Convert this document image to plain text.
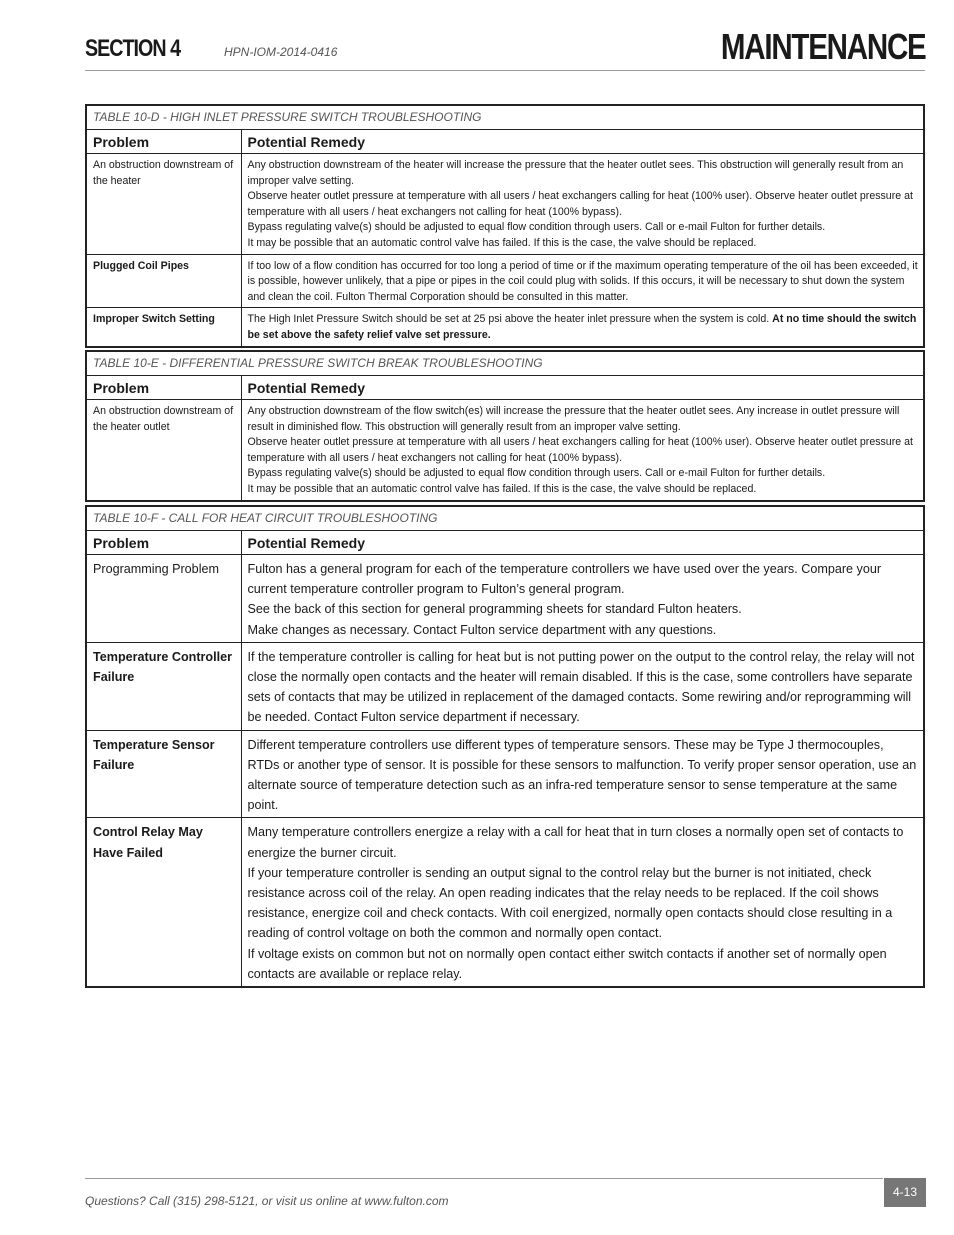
SECTION 4	HPN-IOM-2014-0416	MAINTENANCE
TABLE 10-D - HIGH INLET PRESSURE SWITCH TROUBLESHOOTING	
Problem	Potential Remedy
An obstruction downstream of the heater	Any obstruction downstream of the heater will increase the pressure that the heater outlet sees. This obstruction will generally result from an improper valve setting.
Observe heater outlet pressure at temperature with all users / heat exchangers calling for heat (100% user). Observe heater outlet pressure at temperature with all users / heat exchangers not calling for heat (100% bypass).
Bypass regulating valve(s) should be adjusted to equal flow condition through users. Call or e-mail Fulton for further details.
It may be possible that an automatic control valve has failed. If this is the case, the valve should be replaced.

Plugged Coil Pipes	If too low of a flow condition has occurred for too long a period of time or if the maximum operating temperature of the oil has been exceeded, it is possible, however unlikely, that a pipe or pipes in the coil could plug with solids. If this occurs, it will be necessary to shut down the system and clean the coil. Fulton Thermal Corporation should be consulted in this matter.

Improper Switch Setting	The High Inlet Pressure Switch should be set at 25 psi above the heater inlet pressure when the system is cold. At no time should the switch be set above the safety relief valve set pressure.
TABLE 10-E - DIFFERENTIAL PRESSURE SWITCH BREAK TROUBLESHOOTING	
Problem	Potential Remedy
An obstruction downstream of the heater outlet	Any obstruction downstream of the flow switch(es) will increase the pressure that the heater outlet sees. Any increase in outlet pressure will result in diminished flow. This obstruction will generally result from an improper valve setting.
Observe heater outlet pressure at temperature with all users / heat exchangers calling for heat (100% user). Observe heater outlet pressure at temperature with all users / heat exchangers not calling for heat (100% bypass).
Bypass regulating valve(s) should be adjusted to equal flow condition through users. Call or e-mail Fulton for further details.
It may be possible that an automatic control valve has failed. If this is the case, the valve should be replaced.
TABLE 10-F - CALL FOR HEAT CIRCUIT TROUBLESHOOTING	
Problem	Potential Remedy
Programming Problem	Fulton has a general program for each of the temperature controllers we have used over the years. Compare your current temperature controller program to Fulton’s general program.
See the back of this section for general programming sheets for standard Fulton heaters.
Make changes as necessary. Contact Fulton service department with any questions.

Temperature Controller Failure	If the temperature controller is calling for heat but is not putting power on the output to the control relay, the relay will not close the normally open contacts and the heater will remain disabled. If this is the case, some controllers have separate sets of contacts that may be utilized in replacement of the damaged contacts. Some rewiring and/or reprogramming will be needed. Contact Fulton service department if necessary.

Temperature Sensor Failure	Different temperature controllers use different types of temperature sensors. These may be Type J thermocouples, RTDs or another type of sensor. It is possible for these sensors to malfunction. To verify proper sensor operation, use an alternate source of temperature detection such as an infra-red temperature sensor to sense temperature at the same point.

Control Relay May Have Failed	Many temperature controllers energize a relay with a call for heat that in turn closes a normally open set of contacts to energize the burner circuit.
If your temperature controller is sending an output signal to the control relay but the burner is not initiated, check resistance across coil of the relay. An open reading indicates that the relay needs to be replaced. If the coil shows resistance, energize coil and check contacts. With coil energized, normally open contacts should close resulting in a reading of control voltage on both the common and normally open contact.
If voltage exists on common but not on normally open contact either switch contacts if another set of normally open contacts are available or replace relay.
Questions? Call (315) 298-5121, or visit us online at www.fulton.com
4-13
